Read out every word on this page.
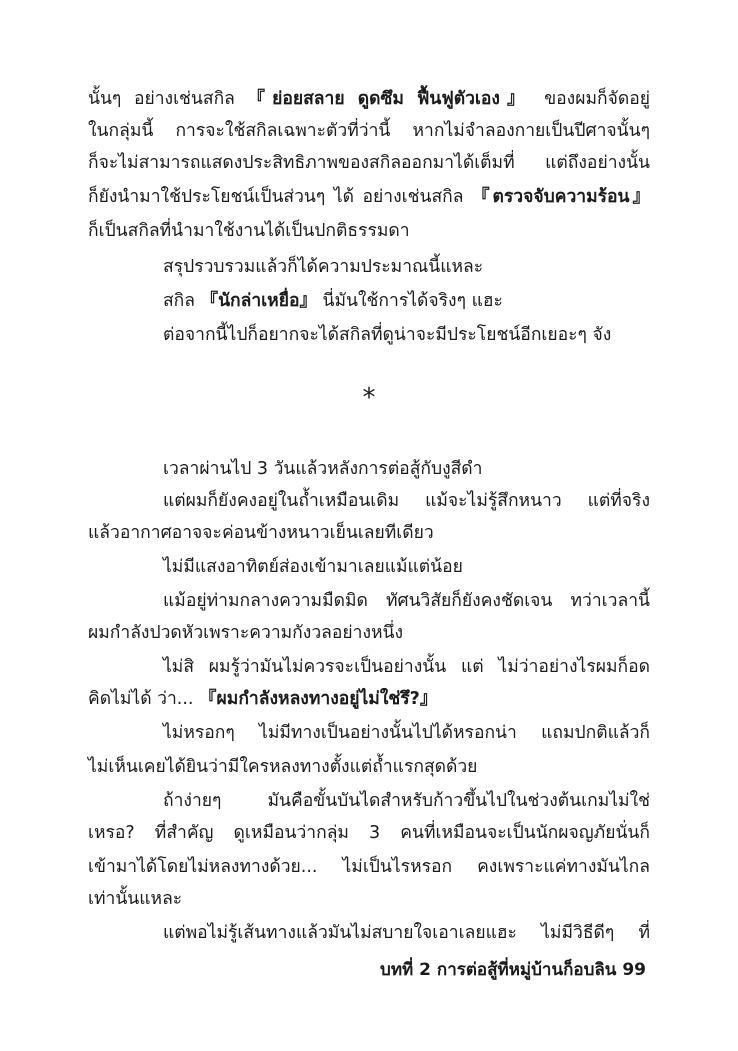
นั้นๆ อย่างเช่นสกิล 『ย่อยสลาย ดูดซึม ฟื้นฟูตัวเอง』 ของผมก็จัดอยู่
ในกลุ่มนี้ การจะใช้สกิลเฉพาะตัวที่ว่านี้ หากไม่จำลองกายเป็นปีศาจนั้นๆ
ก็จะไม่สามารถแสดงประสิทธิภาพของสกิลออกมาได้เต็มที่ แต่ถึงอย่างนั้น
ก็ยังนำมาใช้ประโยชน์เป็นส่วนๆ ได้ อย่างเช่นสกิล 『ตรวจจับความร้อน』
ก็เป็นสกิลที่นำมาใช้งานได้เป็นปกติธรรมดา
สรุปรวบรวมแล้วก็ได้ความประมาณนี้แหละ
สกิล 『นักล่าเหยื่อ』 นี่มันใช้การได้จริงๆ แฮะ
ต่อจากนี้ไปก็อยากจะได้สกิลที่ดูน่าจะมีประโยชน์อีกเยอะๆ จัง
*
เวลาผ่านไป 3 วันแล้วหลังการต่อสู้กับงูสีดำ
แต่ผมก็ยังคงอยู่ในถ้ำเหมือนเดิม แม้จะไม่รู้สึกหนาว แต่ที่จริง
แล้วอากาศอาจจะค่อนข้างหนาวเย็นเลยทีเดียว
ไม่มีแสงอาทิตย์ส่องเข้ามาเลยแม้แต่น้อย
แม้อยู่ท่ามกลางความมืดมิด ทัศนวิสัยก็ยังคงชัดเจน ทว่าเวลานี้
ผมกำลังปวดหัวเพราะความกังวลอย่างหนึ่ง
ไม่สิ ผมรู้ว่ามันไม่ควรจะเป็นอย่างนั้น แต่ ไม่ว่าอย่างไรผมก็อด
คิดไม่ได้ ว่า... 『ผมกำลังหลงทางอยู่ไม่ใช่รึ?』
ไม่หรอกๆ ไม่มีทางเป็นอย่างนั้นไปได้หรอกน่า แถมปกติแล้วก็
ไม่เห็นเคยได้ยินว่ามีใครหลงทางตั้งแต่ถ้ำแรกสุดด้วย
ถ้าง่ายๆ มันคือขั้นบันไดสำหรับก้าวขึ้นไปในช่วงต้นเกมไม่ใช่
เหรอ? ที่สำคัญ ดูเหมือนว่ากลุ่ม 3 คนที่เหมือนจะเป็นนักผจญภัยนั่นก็
เข้ามาได้โดยไม่หลงทางด้วย... ไม่เป็นไรหรอก คงเพราะแค่ทางมันไกล
เท่านั้นแหละ
แต่พอไม่รู้เส้นทางแล้วมันไม่สบายใจเอาเลยแฮะ ไม่มีวิธีดีๆ ที่
บทที่ 2 การต่อสู้ที่หมู่บ้านก็อบลิน 99
